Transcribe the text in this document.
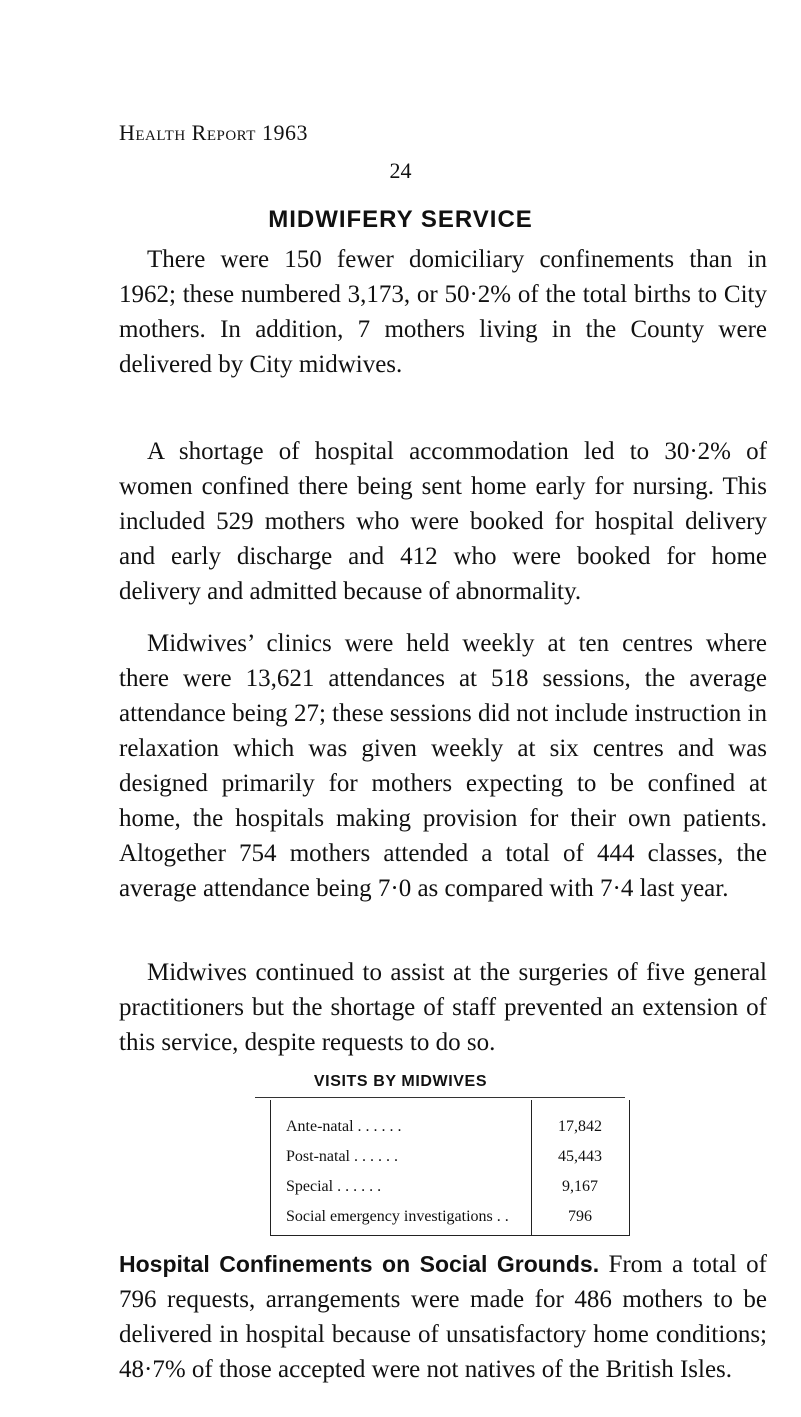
Health Report 1963
24
MIDWIFERY SERVICE

There were 150 fewer domiciliary confinements than in 1962; these numbered 3,173, or 50·2% of the total births to City mothers. In addition, 7 mothers living in the County were delivered by City midwives.

A shortage of hospital accommodation led to 30·2% of women confined there being sent home early for nursing. This included 529 mothers who were booked for hospital delivery and early discharge and 412 who were booked for home delivery and admitted because of abnormality.

Midwives’ clinics were held weekly at ten centres where there were 13,621 attendances at 518 sessions, the average attendance being 27; these sessions did not include instruction in relaxation which was given weekly at six centres and was designed primarily for mothers expecting to be confined at home, the hospitals making provision for their own patients. Altogether 754 mothers attended a total of 444 classes, the average attendance being 7·0 as compared with 7·4 last year.

Midwives continued to assist at the surgeries of five general practitioners but the shortage of staff prevented an extension of this service, despite requests to do so.

VISITS BY MIDWIVES
Ante-natal . . . . . .	17,842
Post-natal . . . . . .	45,443
Special . . . . . .	9,167
Social emergency investigations . .	796

Hospital Confinements on Social Grounds. From a total of 796 requests, arrangements were made for 486 mothers to be delivered in hospital because of unsatisfactory home conditions; 48·7% of those accepted were not natives of the British Isles.
